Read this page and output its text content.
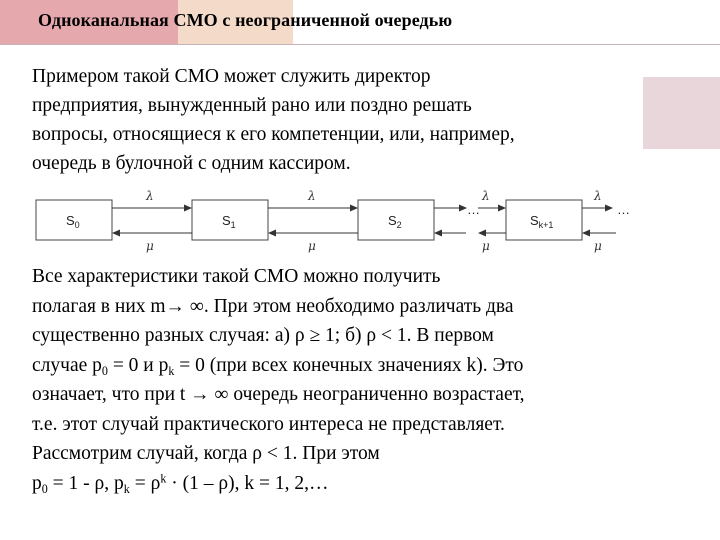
Одноканальная СМО с неограниченной очередью
Примером такой СМО может служить директор
предприятия, вынужденный рано или поздно решать
вопросы, относящиеся к его компетенции, или, например,
очередь в булочной с одним кассиром.
$S_0$	$S_1$	$S_2$	$S_{k+1}$
λ	λ	λ	λ
μ	μ	μ	μ
…	…
Все характеристики такой СМО можно получить
полагая в них m→ ∞. При этом необходимо различать два
существенно разных случая: а) ρ ≥ 1; б) ρ < 1. В первом
случае $p_0 = 0$ и $p_k = 0$ (при всех конечных значениях k). Это
означает, что при t → ∞ очередь неограниченно возрастает,
т.е. этот случай практического интереса не представляет.
Рассмотрим случай, когда ρ < 1. При этом
$p_0 = 1 - \rho$, $p_k = \rho^k \cdot (1 - \rho)$, k = 1, 2,…
